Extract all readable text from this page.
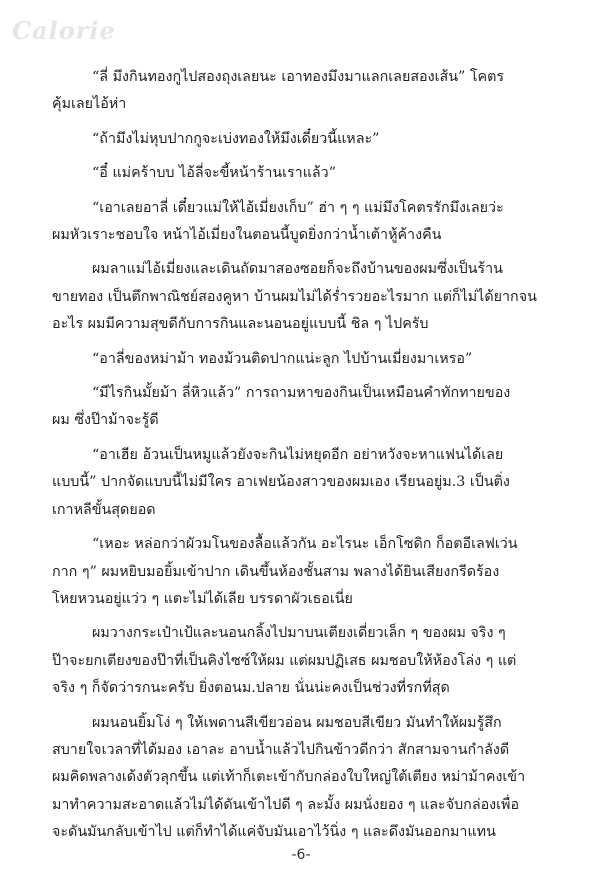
Calorie
“ลี่ มึงกินทองกูไปสองถุงเลยนะ เอาทองมึงมาแลกเลยสองเส้น” โคตร
คุ้มเลยไอ้ห่า
“ถ้ามึงไม่หุบปากกูจะเบ่งทองให้มึงเดี๋ยวนี้แหละ”
“อี๋ แม่คร้าบบ ไอ้ลี่จะขี้หน้าร้านเราแล้ว”
“เอาเลยอาลี่ เดี๋ยวแม่ให้ไอ้เมี่ยงเก็บ” ฮ่า ๆ ๆ แม่มึงโคตรรักมึงเลยว่ะ
ผมหัวเราะชอบใจ หน้าไอ้เมี่ยงในตอนนี้บูดยิ่งกว่าน้ำเต้าหู้ค้างคืน
ผมลาแม่ไอ้เมี่ยงและเดินถัดมาสองซอยก็จะถึงบ้านของผมซึ่งเป็นร้าน
ขายทอง เป็นตึกพาณิชย์สองคูหา บ้านผมไม่ได้ร่ำรวยอะไรมาก แต่ก็ไม่ได้ยากจน
อะไร ผมมีความสุขดีกับการกินและนอนอยู่แบบนี้ ชิล ๆ ไปครับ
“อาลี่ของหม่าม้า ทองม้วนติดปากแน่ะลูก ไปบ้านเมี่ยงมาเหรอ”
“มีไรกินมั้ยม้า ลี่หิวแล้ว” การถามหาของกินเป็นเหมือนคำทักทายของ
ผม ซึ่งป๊าม้าจะรู้ดี
“อาเฮีย อ้วนเป็นหมูแล้วยังจะกินไม่หยุดอีก อย่าหวังจะหาแฟนได้เลย
แบบนี้” ปากจัดแบบนี้ไม่มีใคร อาเฟยน้องสาวของผมเอง เรียนอยู่ม.3 เป็นติ่ง
เกาหลีขั้นสุดยอด
“เหอะ หล่อกว่าผัวมโนของลื้อแล้วกัน อะไรนะ เอ็กโซดิก ก็อตอีเลฟเว่น
กาก ๆ” ผมหยิบมอยิ้มเข้าปาก เดินขึ้นห้องชั้นสาม พลางได้ยินเสียงกรีดร้อง
โหยหวนอยู่แว่ว ๆ แตะไม่ได้เลีย บรรดาผัวเธอเนี่ย
ผมวางกระเป๋าเป้และนอนกลิ้งไปมาบนเตียงเดี่ยวเล็ก ๆ ของผม จริง ๆ
ป๊าจะยกเตียงของป๊าที่เป็นคิงไซซ์ให้ผม แต่ผมปฏิเสธ ผมชอบให้ห้องโล่ง ๆ แต่
จริง ๆ ก็จัดว่ารกนะครับ ยิ่งตอนม.ปลาย นั่นน่ะคงเป็นช่วงที่รกที่สุด
ผมนอนยิ้มโง่ ๆ ให้เพดานสีเขียวอ่อน ผมชอบสีเขียว มันทำให้ผมรู้สึก
สบายใจเวลาที่ได้มอง เอาละ อาบน้ำแล้วไปกินข้าวดีกว่า สักสามจานกำลังดี
ผมคิดพลางเด้งตัวลุกขึ้น แต่เท้าก็เตะเข้ากับกล่องใบใหญ่ใต้เตียง หม่าม้าคงเข้า
มาทำความสะอาดแล้วไม่ได้ดันเข้าไปดี ๆ ละมั้ง ผมนั่งยอง ๆ และจับกล่องเพื่อ
จะดันมันกลับเข้าไป แต่ก็ทำได้แค่จับมันเอาไว้นิ่ง ๆ และดึงมันออกมาแทน
-6-
